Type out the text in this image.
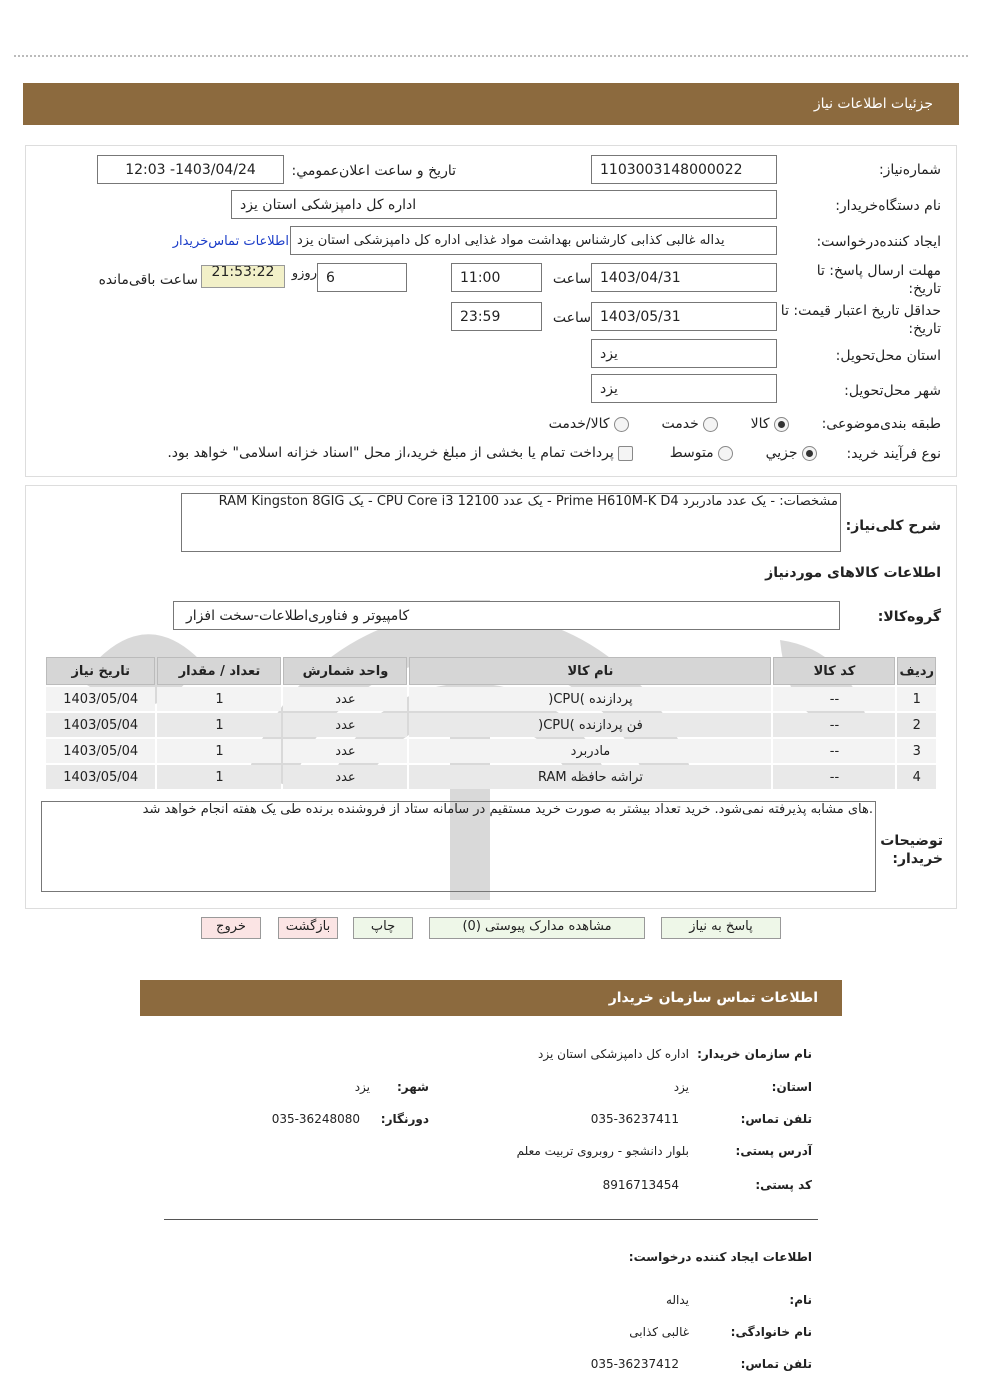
جزئیات اطلاعات نیاز
شماره‌نیاز:
1103003148000022
تاريخ و ساعت اعلان‌عمومي:
1403/04/24- 12:03
نام دستگاه‌خریدار:
اداره کل دامپزشکی استان یزد
ایجاد کننده‌درخواست:
یداله غالبی کذابی کارشناس بهداشت مواد غذایی اداره کل دامپزشکی استان یزد
اطلاعات تماس‌خریدار
مهلت ارسال پاسخ: تا تاریخ:
1403/04/31
ساعت
11:00
6
روزو
21:53:22
ساعت باقی‌مانده
حداقل تاریخ اعتبار قیمت: تا تاریخ:
1403/05/31
ساعت
23:59
استان محل‌تحویل:
یزد
شهر محل‌تحویل:
یزد
طبقه بندی‌موضوعی:
کالا  خدمت  کالا/خدمت
نوع فرآیند خرید:
جزيي  متوسط  پرداخت تمام یا بخشی از مبلغ خرید،از محل "اسناد خزانه اسلامی" خواهد بود.
شرح کلی‌نیاز:
مشخصات: - یک عدد مادربرد Prime H610M-K D4 - یک عدد CPU Core i3 12100 - یک RAM Kingston 8GIG
اطلاعات کالاهای مورد‌نیاز
گروه‌کالا:
کامپیوتر و فناوری‌اطلاعات-سخت افزار
ردیف	کد کالا	نام کالا	واحد شمارش	تعداد / مقدار	تاریخ نیاز
1	--	پردازنده )CPU(	عدد	1	1403/05/04
2	--	فن پردازنده )CPU(	عدد	1	1403/05/04
3	--	مادربرد	عدد	1	1403/05/04
4	--	تراشه حافظه RAM	عدد	1	1403/05/04
توضیحات خریدار:
.های مشابه پذیرفته نمی‌شود. خرید تعداد بیشتر به صورت خرید مستقیم در سامانه ستاد از فروشنده برنده طی یک هفته انجام خواهد شد
پاسخ به نیاز
مشاهده مدارک پیوستی (0)
چاپ
بازگشت
خروج
اطلاعات تماس سازمان خریدار
نام سازمان خریدار:
اداره کل دامپزشکی استان یزد
استان:
یزد
شهر:
یزد
تلفن تماس:
035-36237411
دورنگار:
035-36248080
آدرس پستی:
بلوار دانشجو - روبروی تربیت معلم
کد پستی:
8916713454
اطلاعات ایجاد کننده درخواست:
نام:
یداله
نام خانوادگی:
غالبی کذابی
تلفن تماس:
035-36237412
